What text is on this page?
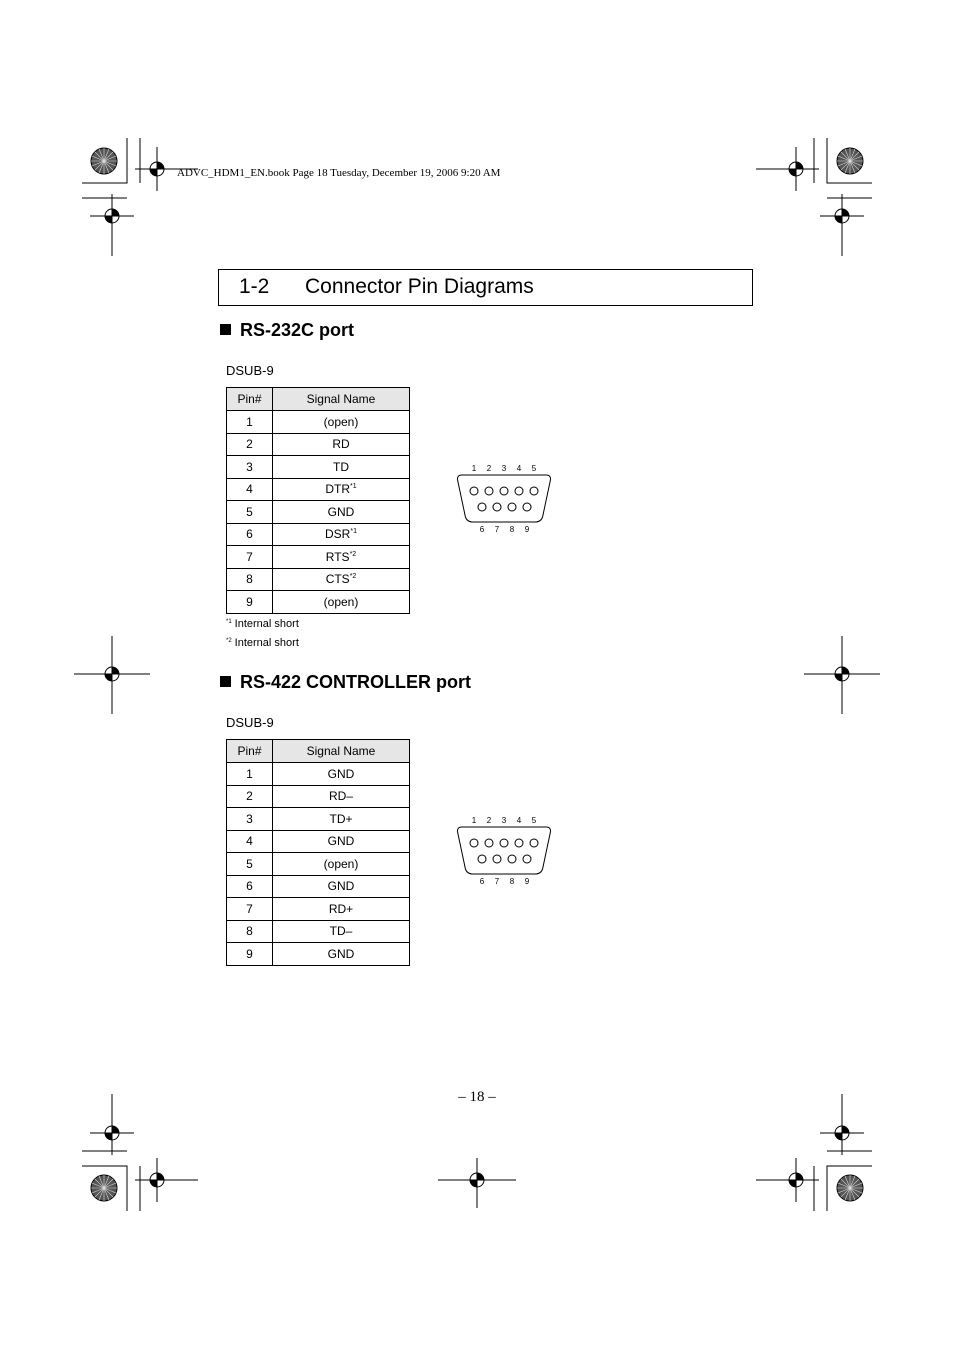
ADVC_HDM1_EN.book Page 18 Tuesday, December 19, 2006 9:20 AM
1-2 Connector Pin Diagrams
RS-232C port
DSUB-9
Pin#	Signal Name
1	(open)
2	RD
3	TD
4	DTR$^{*1}$
5	GND
6	DSR$^{*1}$
7	RTS$^{*2}$
8	CTS$^{*2}$
9	(open)
$^{*1}$ Internal short
$^{*2}$ Internal short
1 2 3 4 5
6 7 8 9
RS-422 CONTROLLER port
DSUB-9
Pin#	Signal Name
1	GND
2	RD–
3	TD+
4	GND
5	(open)
6	GND
7	RD+
8	TD–
9	GND
1 2 3 4 5
6 7 8 9
– 18 –
